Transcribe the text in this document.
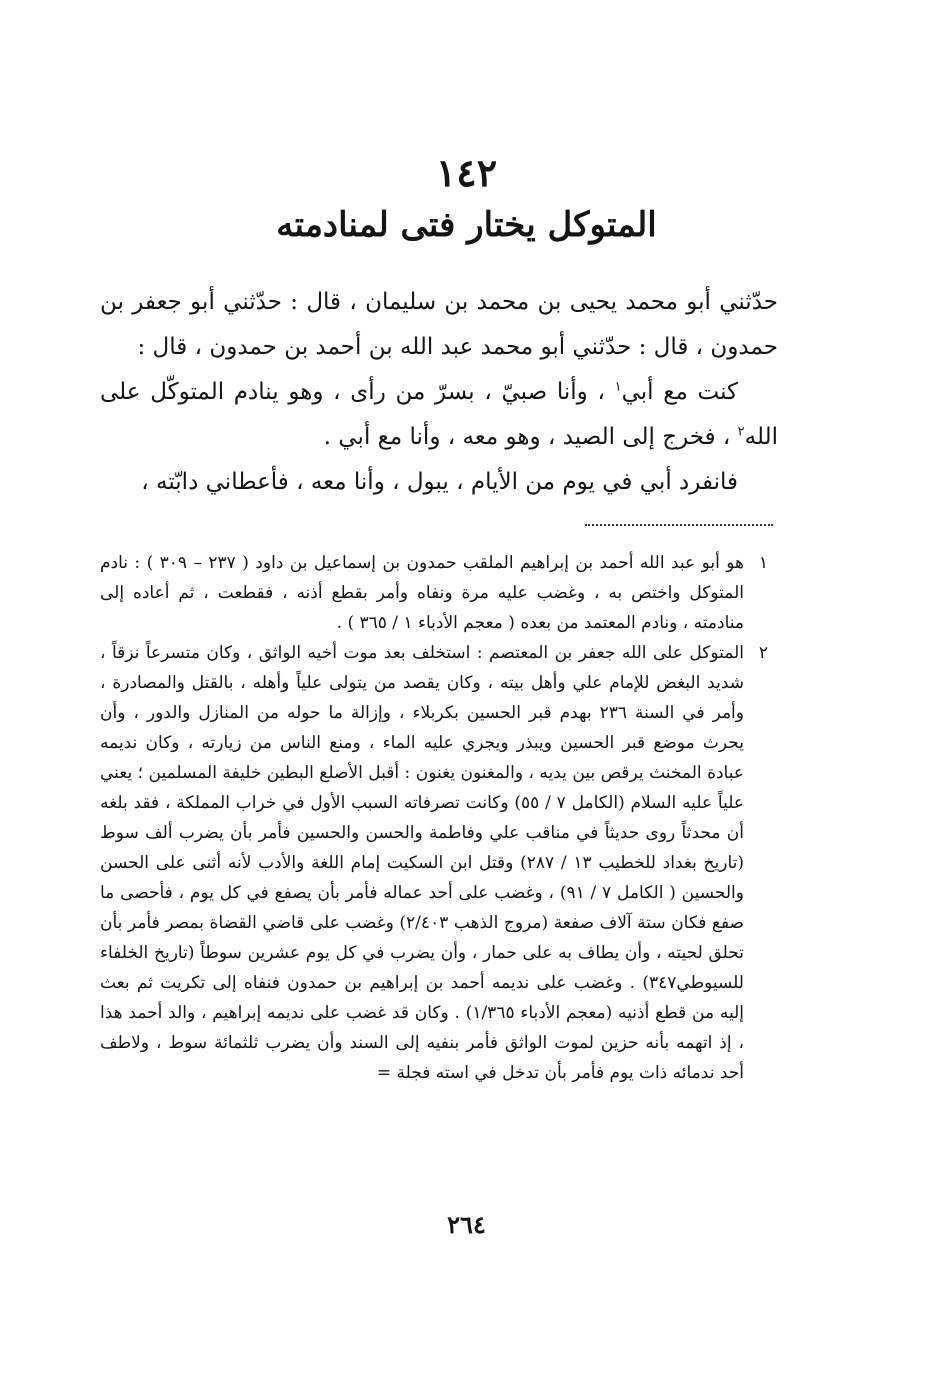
١٤٢
المتوكل يختار فتى لمنادمته

حدّثني أبو محمد يحيى بن محمد بن سليمان ، قال : حدّثني أبو جعفر بن حمدون ، قال : حدّثني أبو محمد عبد الله بن أحمد بن حمدون ، قال :

كنت مع أبي$^١$ ، وأنا صبيّ ، بسرّ من رأى ، وهو ينادم المتوكّل على الله$^٢$ ، فخرج إلى الصيد ، وهو معه ، وأنا مع أبي .

فانفرد أبي في يوم من الأيام ، يبول ، وأنا معه ، فأعطاني دابّته ،

١
هو أبو عبد الله أحمد بن إبراهيم الملقب حمدون بن إسماعيل بن داود ( ٢٣٧ – ٣٠٩ ) : نادم المتوكل واختص به ، وغضب عليه مرة ونفاه وأمر بقطع أذنه ، فقطعت ، ثم أعاده إلى منادمته ، ونادم المعتمد من بعده ( معجم الأدباء ١ / ٣٦٥ ) .

٢
المتوكل على الله جعفر بن المعتصم : استخلف بعد موت أخيه الواثق ، وكان متسرعاً نزقاً ، شديد البغض للإمام علي وأهل بيته ، وكان يقصد من يتولى علياً وأهله ، بالقتل والمصادرة ، وأمر في السنة ٢٣٦ بهدم قبر الحسين بكربلاء ، وإزالة ما حوله من المنازل والدور ، وأن يحرث موضع قبر الحسين ويبذر ويجري عليه الماء ، ومنع الناس من زيارته ، وكان نديمه عبادة المخنث يرقص بين يديه ، والمغنون يغنون : أقبل الأصلع البطين خليفة المسلمين ؛ يعني علياً عليه السلام (الكامل ٧ / ٥٥) وكانت تصرفاته السبب الأول في خراب المملكة ، فقد بلغه أن محدثاً روى حديثاً في مناقب علي وفاطمة والحسن والحسين فأمر بأن يضرب ألف سوط (تاريخ بغداد للخطيب ١٣ / ٢٨٧) وقتل ابن السكيت إمام اللغة والأدب لأنه أثنى على الحسن والحسين ( الكامل ٧ / ٩١) ، وغضب على أحد عماله فأمر بأن يصفع في كل يوم ، فأحصى ما صفع فكان ستة آلاف صفعة (مروج الذهب ٢/٤٠٣) وغضب على قاضي القضاة بمصر فأمر بأن تحلق لحيته ، وأن يطاف به على حمار ، وأن يضرب في كل يوم عشرين سوطاً (تاريخ الخلفاء للسيوطي٣٤٧) . وغضب على نديمه أحمد بن إبراهيم بن حمدون فنفاه إلى تكريت ثم بعث إليه من قطع أذنيه (معجم الأدباء ١/٣٦٥) . وكان قد غضب على نديمه إبراهيم ، والد أحمد هذا ، إذ اتهمه بأنه حزين لموت الواثق فأمر بنفيه إلى السند وأن يضرب ثلثمائة سوط ، ولاطف أحد ندمائه ذات يوم فأمر بأن تدخل في استه فجلة =

٢٦٤
